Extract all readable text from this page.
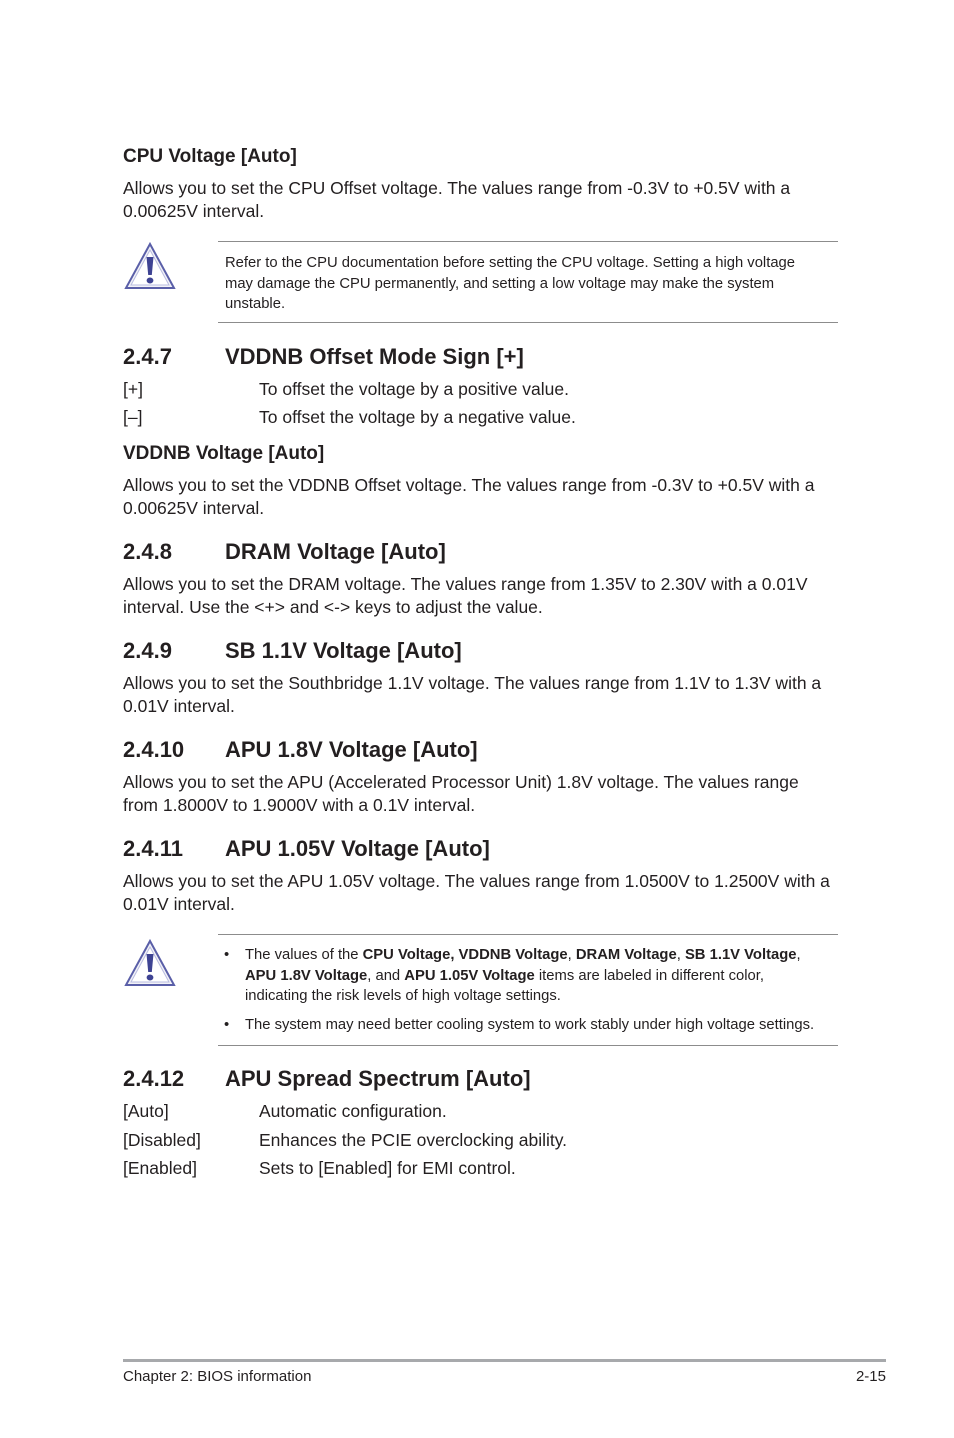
CPU Voltage [Auto]
Allows you to set the CPU Offset voltage. The values range from -0.3V to +0.5V with a 0.00625V interval.
Refer to the CPU documentation before setting the CPU voltage. Setting a high voltage may damage the CPU permanently, and setting a low voltage may make the system unstable.
2.4.7 VDDNB Offset Mode Sign [+]
[+]	To offset the voltage by a positive value.
[–]	To offset the voltage by a negative value.
VDDNB Voltage [Auto]
Allows you to set the VDDNB Offset voltage. The values range from -0.3V to +0.5V with a 0.00625V interval.
2.4.8 DRAM Voltage [Auto]
Allows you to set the DRAM voltage. The values range from 1.35V to 2.30V with a 0.01V interval. Use the <+> and <-> keys to adjust the value.
2.4.9 SB 1.1V Voltage [Auto]
Allows you to set the Southbridge 1.1V voltage. The values range from 1.1V to 1.3V with a 0.01V interval.
2.4.10 APU 1.8V Voltage [Auto]
Allows you to set the APU (Accelerated Processor Unit) 1.8V voltage. The values range from 1.8000V to 1.9000V with a 0.1V interval.
2.4.11 APU 1.05V Voltage [Auto]
Allows you to set the APU 1.05V voltage. The values range from 1.0500V to 1.2500V with a 0.01V interval.
• The values of the CPU Voltage, VDDNB Voltage, DRAM Voltage, SB 1.1V Voltage,
APU 1.8V Voltage, and APU 1.05V Voltage items are labeled in different color, indicating the risk levels of high voltage settings.
• The system may need better cooling system to work stably under high voltage settings.
2.4.12 APU Spread Spectrum [Auto]
[Auto]	Automatic configuration.
[Disabled]	Enhances the PCIE overclocking ability.
[Enabled]	Sets to [Enabled] for EMI control.
Chapter 2: BIOS information	2-15
